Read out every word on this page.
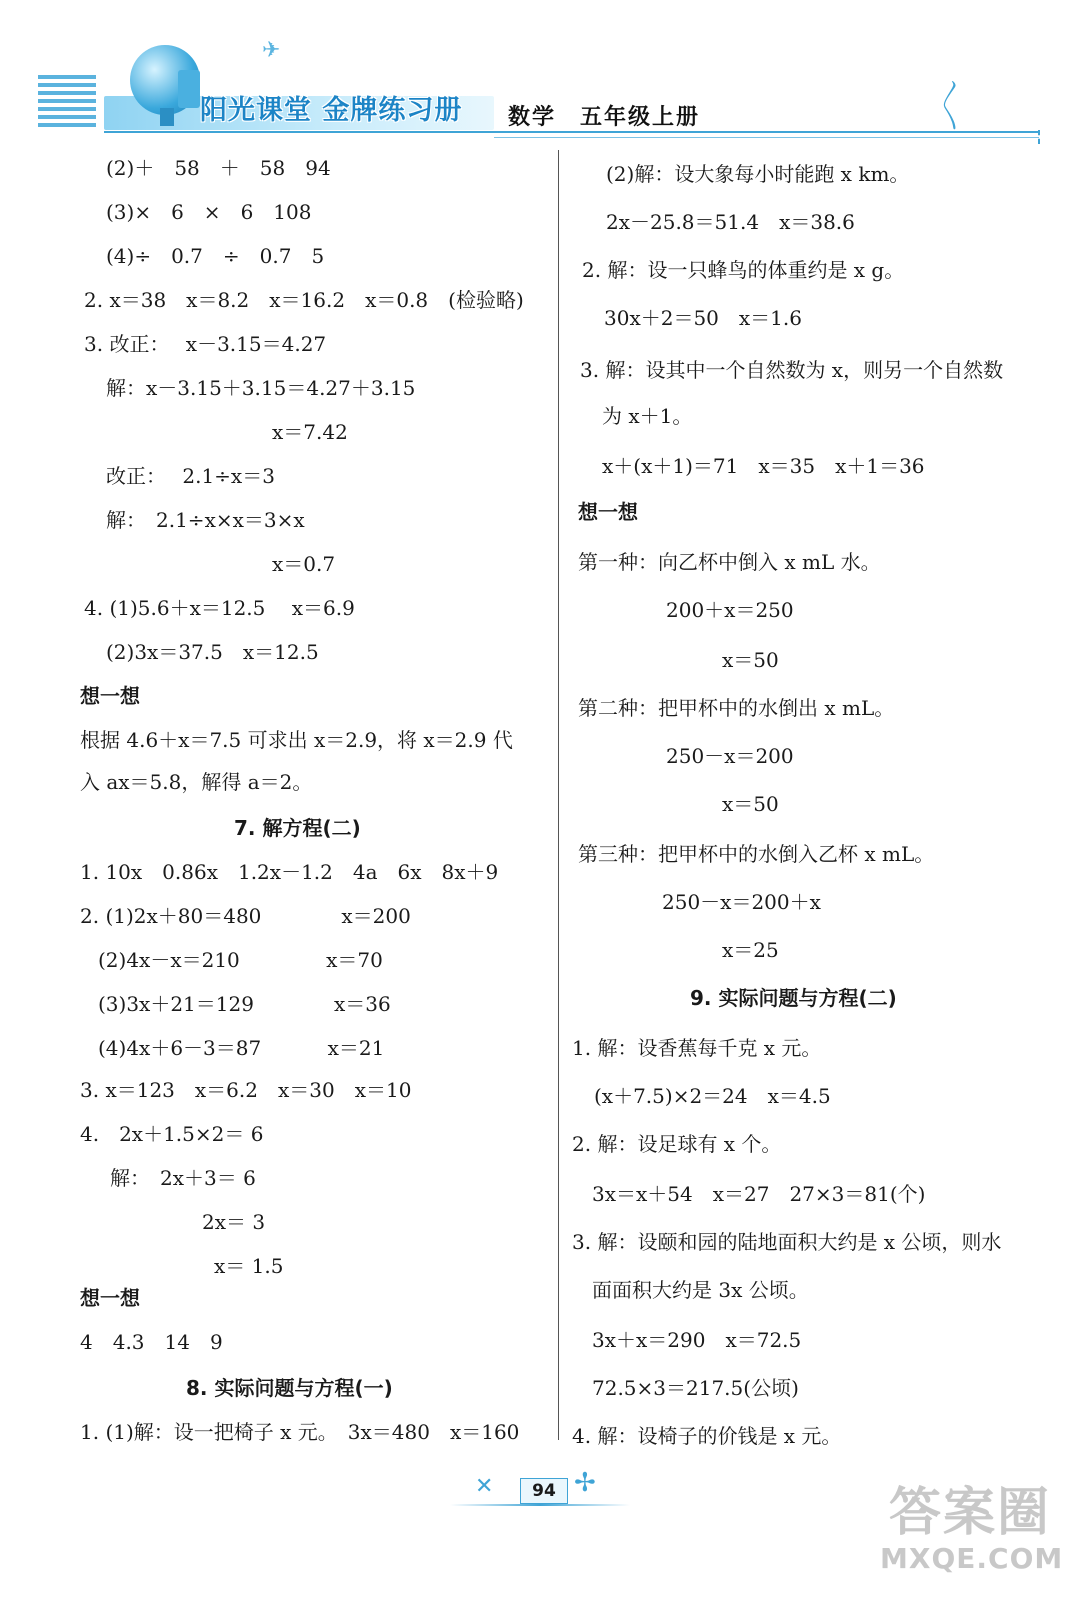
✈
〳〵
阳光课堂 金牌练习册 数学　五年级上册
(2)＋　58　＋　58　94
(3)×　6　×　6　108
(4)÷　0.7　÷　0.7　5
2. x＝38　x＝8.2　x＝16.2　x＝0.8　(检验略)
3. 改正：　 x－3.15＝4.27
解：x－3.15＋3.15＝4.27＋3.15
x＝7.42
改正：　 2.1÷x＝3
解：　2.1÷x×x＝3×x
x＝0.7
4. (1)5.6＋x＝12.5　 x＝6.9
(2)3x＝37.5　x＝12.5
想一想
根据 4.6＋x＝7.5 可求出 x＝2.9，将 x＝2.9 代
入 ax＝5.8，解得 a＝2。
7. 解方程(二)
1. 10x　0.86x　1.2x－1.2　4a　6x　8x＋9
2. (1)2x＋80＝480　　　　x＝200
(2)4x－x＝210　　　　 x＝70
(3)3x＋21＝129　　　　x＝36
(4)4x＋6－3＝87　　　 x＝21
3. x＝123　x＝6.2　x＝30　x＝10
4.　2x＋1.5×2＝ 6
解：　2x＋3＝ 6
2x＝ 3
x＝ 1.5
想一想
4　4.3　14　9
8. 实际问题与方程(一)
1. (1)解：设一把椅子 x 元。　3x＝480　x＝160
(2)解：设大象每小时能跑 x km。
2x－25.8＝51.4　x＝38.6
2. 解：设一只蜂鸟的体重约是 x g。
30x＋2＝50　x＝1.6
3. 解：设其中一个自然数为 x，则另一个自然数
为 x＋1。
x＋(x＋1)＝71　x＝35　x＋1＝36
想一想
第一种：向乙杯中倒入 x mL 水。
200＋x＝250
x＝50
第二种：把甲杯中的水倒出 x mL。
250－x＝200
x＝50
第三种：把甲杯中的水倒入乙杯 x mL。
250－x＝200＋x
x＝25
9. 实际问题与方程(二)
1. 解：设香蕉每千克 x 元。
(x＋7.5)×2＝24　x＝4.5
2. 解：设足球有 x 个。
3x＝x＋54　x＝27　27×3＝81(个)
3. 解：设颐和园的陆地面积大约是 x 公顷，则水
面面积大约是 3x 公顷。
3x＋x＝290　x＝72.5
72.5×3＝217.5(公顷)
4. 解：设椅子的价钱是 x 元。
✕	94 ✢	答案圈
MXQE.COM
